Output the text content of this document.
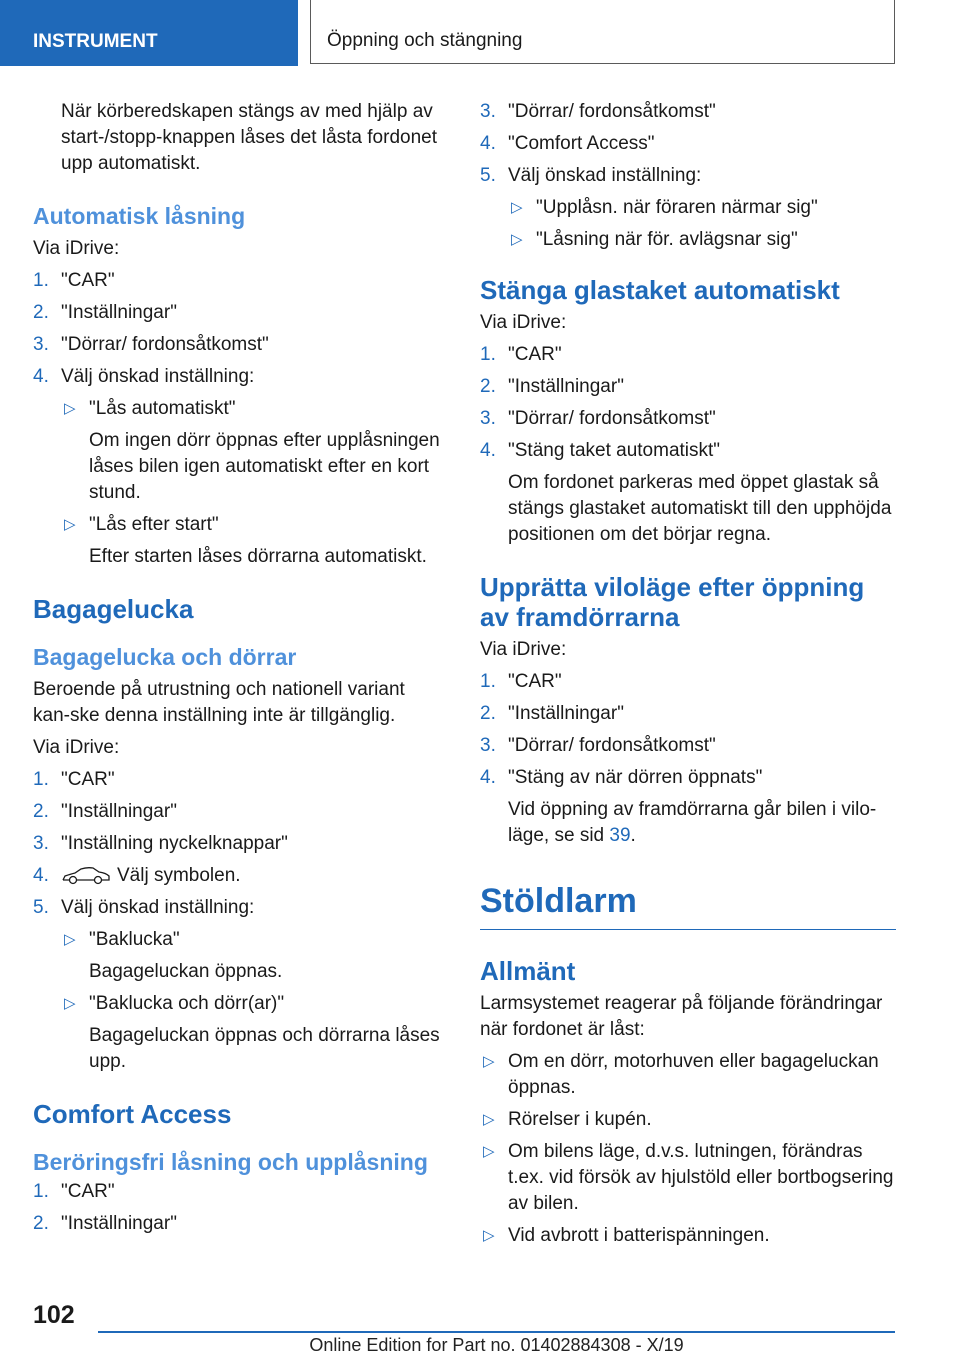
INSTRUMENT	Öppning och stängning

När körberedskapen stängs av med hjälp av start-/stopp-knappen låses det låsta fordonet upp automatiskt.

Automatisk låsning

Via iDrive:

1. "CAR"
2. "Inställningar"
3. "Dörrar/ fordonsåtkomst"
4. Välj önskad inställning:
▷ "Lås automatiskt"
Om ingen dörr öppnas efter upplåsningen låses bilen igen automatiskt efter en kort stund.
▷ "Lås efter start"
Efter starten låses dörrarna automatiskt.
Bagagelucka
Bagagelucka och dörrar

Beroende på utrustning och nationell variant kan-ske denna inställning inte är tillgänglig.

Via iDrive:

1. "CAR"
2. "Inställningar"
3. "Inställning nyckelknappar"
4.	Välj symbolen.
5. Välj önskad inställning:
▷ "Baklucka"
Bagageluckan öppnas.
▷ "Baklucka och dörr(ar)"
Bagageluckan öppnas och dörrarna låses upp.
Comfort Access
Beröringsfri låsning och upplåsning
1. "CAR"
2. "Inställningar"
3. "Dörrar/ fordonsåtkomst"
4. "Comfort Access"
5. Välj önskad inställning:
▷ "Upplåsn. när föraren närmar sig"
▷ "Låsning när för. avlägsnar sig"
Stänga glastaket automatiskt

Via iDrive:

1. "CAR"
2. "Inställningar"
3. "Dörrar/ fordonsåtkomst"
4. "Stäng taket automatiskt"
Om fordonet parkeras med öppet glastak så stängs glastaket automatiskt till den upphöjda positionen om det börjar regna.
Upprätta viloläge efter öppning av framdörrarna

Via iDrive:

1. "CAR"
2. "Inställningar"
3. "Dörrar/ fordonsåtkomst"
4. "Stäng av när dörren öppnats"
Vid öppning av framdörrarna går bilen i vilo-läge, se sid 39.
Stöldlarm
Allmänt

Larmsystemet reagerar på följande förändringar när fordonet är låst:

▷ Om en dörr, motorhuven eller bagageluckan öppnas.
▷ Rörelser i kupén.
▷ Om bilens läge, d.v.s. lutningen, förändras t.ex. vid försök av hjulstöld eller bortbogsering av bilen.
▷ Vid avbrott i batterispänningen.
102
Online Edition for Part no. 01402884308 - X/19
